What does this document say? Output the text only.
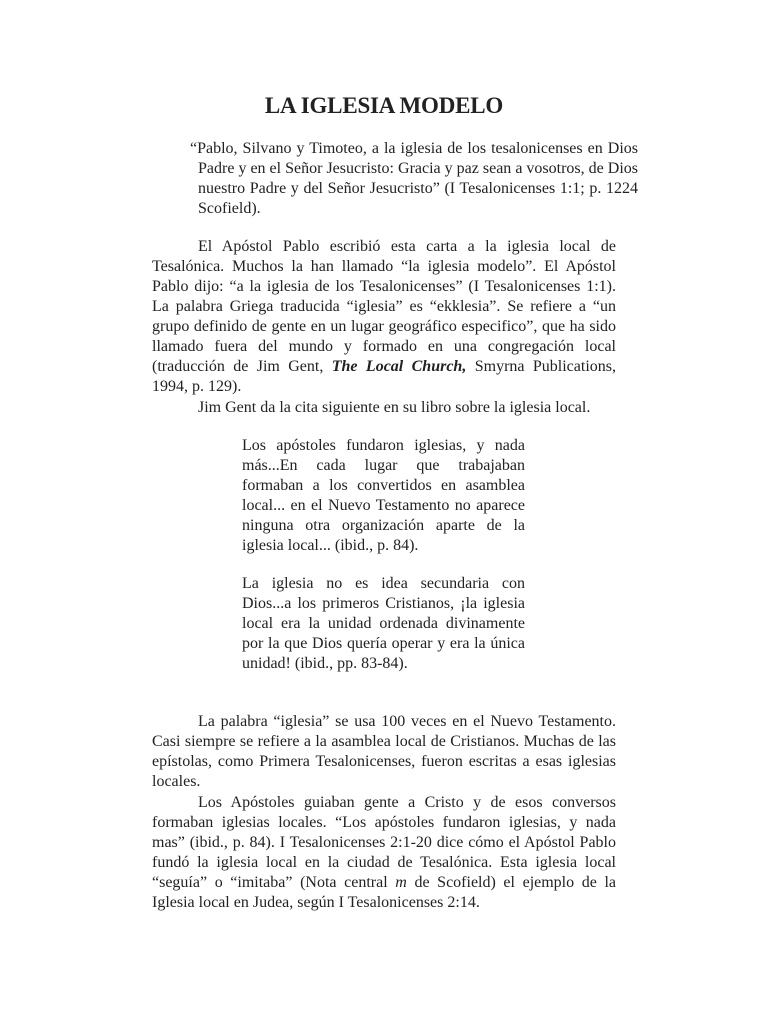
LA IGLESIA MODELO

“Pablo, Silvano y Timoteo, a la iglesia de los tesalonicenses en Dios Padre y en el Señor Jesucristo: Gracia y paz sean a vosotros, de Dios nuestro Padre y del Señor Jesucristo” (I Tesalonicenses 1:1; p. 1224 Scofield).

El Apóstol Pablo escribió esta carta a la iglesia local de Tesalónica. Muchos la han llamado “la iglesia modelo”. El Apóstol Pablo dijo: “a la iglesia de los Tesalonicenses” (I Tesalonicenses 1:1). La palabra Griega traducida “iglesia” es “ekklesia”. Se refiere a “un grupo definido de gente en un lugar geográfico especifico”, que ha sido llamado fuera del mundo y formado en una congregación local (traducción de Jim Gent, The Local Church, Smyrna Publications, 1994, p. 129).

Jim Gent da la cita siguiente en su libro sobre la iglesia local.

Los apóstoles fundaron iglesias, y nada más...En cada lugar que trabajaban formaban a los convertidos en asamblea local... en el Nuevo Testamento no aparece ninguna otra organización aparte de la iglesia local... (ibid., p. 84).

La iglesia no es idea secundaria con Dios...a los primeros Cristianos, ¡la iglesia local era la unidad ordenada divinamente por la que Dios quería operar y era la única unidad! (ibid., pp. 83-84).

La palabra “iglesia” se usa 100 veces en el Nuevo Testamento. Casi siempre se refiere a la asamblea local de Cristianos. Muchas de las epístolas, como Primera Tesalonicenses, fueron escritas a esas iglesias locales.

Los Apóstoles guiaban gente a Cristo y de esos conversos formaban iglesias locales. “Los apóstoles fundaron iglesias, y nada mas” (ibid., p. 84). I Tesalonicenses 2:1-20 dice cómo el Apóstol Pablo fundó la iglesia local en la ciudad de Tesalónica. Esta iglesia local “seguía” o “imitaba” (Nota central m de Scofield) el ejemplo de la Iglesia local en Judea, según I Tesalonicenses 2:14.
